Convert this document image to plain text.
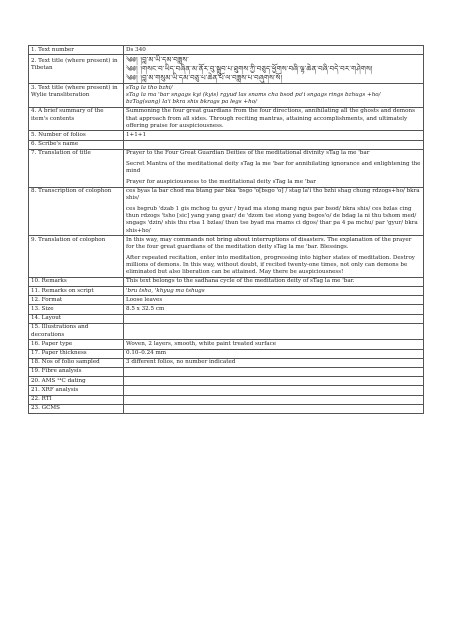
1. Text number	Ds 340

2. Text title (where present) in Tibetan	༄༅། །བླ་མ་ཡི་དམ་བཟླས་
༄༅། །གསང་བ་ཡིད་བཞིན་མ་ནོར་བུ་སྒྲུབ་པ་ཐུགས་ཀྱི་བཅུད་ཕྱོགས་བཞི་ལྷ་ཆེན་བཞི་བདེ་བར་གཤེགས།
༄༅། །བླ་མ་གསུམ་ཡི་དམ་བཅུ་པ་ཆེན་པོ་ལ་བཟླས་པ་བཞུགས་སོ།

3. Text title (where present) in Wylie transliteration	sTag la tho bzhi/
sTag la ma 'bar sngags kyi (kyis) rgyud las snams cha bsod pa'i sngags rings bzhugs +ho/
bzTag(sang) la'i bkra shis bkrags pa legs +ho/

4. A brief summary of the item's contents	Summoning the four great guardians from the four directions, annihilating all the ghosts and demons that approach from all sides. Through reciting mantras, attaining accomplishments, and ultimately offering praise for auspiciousness.

5. Number of folios	1+1+1

6. Scribe's name	

7. Translation of title	Prayer to the Four Great Guardian Deities of the meditational divinity sTag la me 'bar
Secret Mantra of the meditational deity sTag la me 'bar for annihilating ignorance and enlightening the mind
Prayer for auspiciousness to the meditational deity sTag la me 'bar

8. Transcription of colophon	ces byas la bar chod ma btang par bka 'bsgo 'o[bsgo 'o] / stag la'i tho bzhi shag chung rdzogs+ho/ bkra shis/
ces bsgrub 'dzab 1 gis mchog tu gyur / byad ma stong mang ngus par bsod/ bkra shis/ ces bzlas cing thun rdzogs 'tsho [sic] yang yang gsar/ de 'dzom tse stong yang bsgos'o/ de bdag la ni thu tshom med/ sngags 'dzin/ shis thu rtsa 1 bzlas/ thun tse byad ma rnams ci dgos/ thar pa 4 pa mchu/ par 'gyur/ bkra shis+ho/

9. Translation of colophon	In this way, may commands not bring about interruptions of disasters. The explanation of the prayer for the four great guardians of the meditation deity sTag la me 'bar. Blessings.
After repeated recitation, enter into meditation, progressing into higher states of meditation. Destroy millions of demons. In this way, without doubt, if recited twenty-one times, not only can demons be eliminated but also liberation can be attained. May there be auspiciousness!

10. Remarks	This text belongs to the sadhana cycle of the meditation deity of sTag la me 'bar.

11. Remarks on script	'bru tsha, 'khyug ma tshugs

12. Format	Loose leaves

13. Size	8.5 x 32.5 cm

14. Layout	

15. Illustrations and decorations	

16. Paper type	Woven, 2 layers, smooth, white paint treated surface

17. Paper thickness	0.10–0.24 mm

18. Nos of folio sampled	3 different folios, no number indicated

19. Fibre analysis	

20. AMS ¹⁴C dating	

21. XRF analysis	

22. RTI	

23. GCMS	
